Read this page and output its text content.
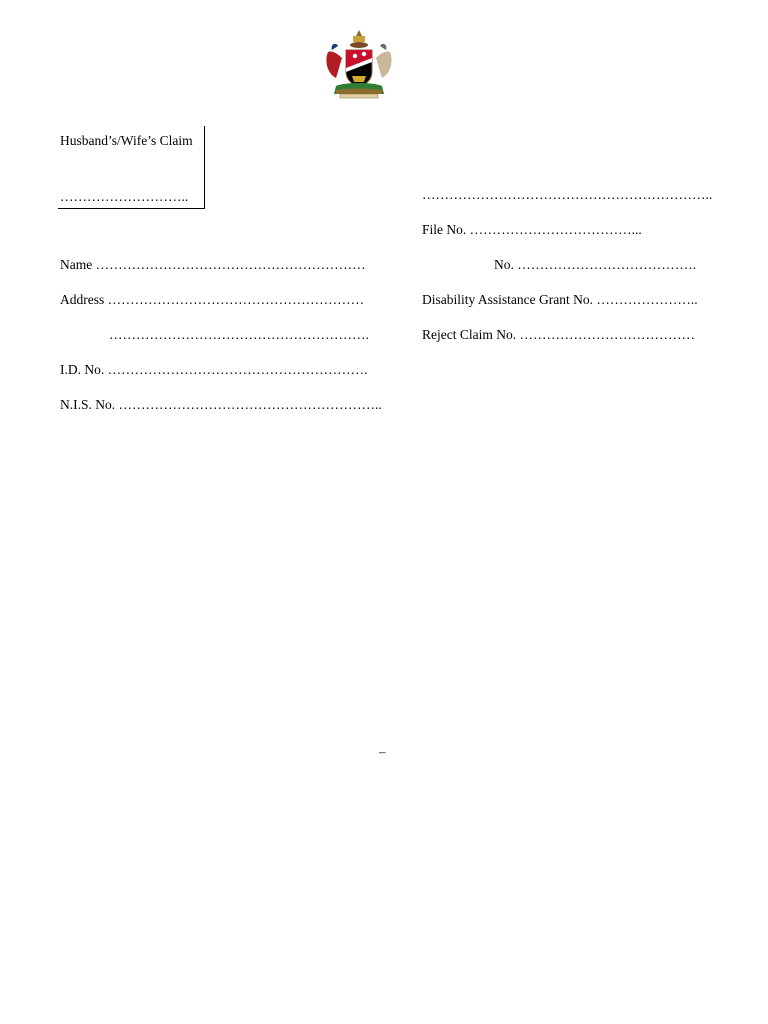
Husband’s/Wife’s Claim
………………………..
Name ……………………………………………………
Address …………………………………………………
………………………………………………….
I.D. No. ………………………………………………….
N.I.S. No. …………………………………………………..
………………………………………………………..
File No. ………………………………...
No. ………………………………….
Disability Assistance Grant No. …………………..
Reject Claim No. …………………………………
–
